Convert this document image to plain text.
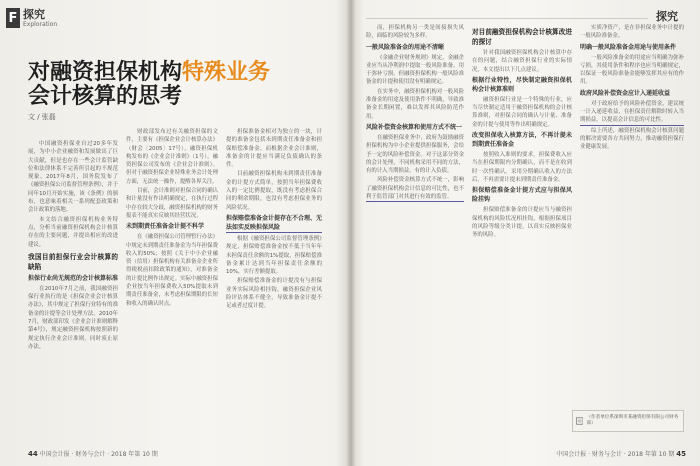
F 探究
Exploration
对融资担保机构特殊业务
会计核算的思考
文 / 张磊

中国融资担保业自过20多年发展，为中小企业融资和发展做出了巨大贡献，但是也存在一些会计监管缺位和法律体系不完善所引起的不规范现象。2017年8月，国务院发布了《融资担保公司监督管理条例》，并于同年10月开始实施，该《条例》的颁布，也意味着相关一系列配套政策和会计政策的落地。

本文结合融资担保机构业务特点，分析当前融资担保机构会计核算存在的主要问题，并提出相应的改进建议。

我国目前担保行业会计核算的缺陷
担保行业尚无规范的会计核算标准

在2010年7月之前，我国融资担保行业执行的是《担保企业会计核算办法》，其中规定了担保行业特有的准备金的计提等会计处理方法。2010年7月，财政部印发《企业会计准则解释第4号》，规定融资担保机构按照新的规定执行企业会计准则，同时废止原办法。

财政部发布过有关融资担保的文件，主要有《担保企业会计核算办法》（财会〔2005〕17号），融资担保机构发布的《企业会计准则》（1号），融资担保公司发布的《企业会计准则》。但对于融资担保企业特殊业务会计处理方面，无法统一操作，提醒各界关注。

目前，会计准则对担保合同的确认和计量没有作出明确规定，在执行过程中存在较大分歧，融资担保机构的财务报表不能真实反映其经营状况。

未到期责任准备金计提不科学

在《融资担保公司管理暂行办法》中规定未到期责任准备金为当年担保费收入的50%；按照《关于中小企业融资（信用）担保机构有关准备金企业所得税税前扣除政策的通知》，对准备金的计提比例作出规定。实际中融资担保企业按当年担保费收入50%提取未到期责任准备金，未考虑担保期限的长短和收入的确认时点。

担保准备金相对为独立的一块，计提的准备金包括未到期责任准备金和担保赔偿准备金，而根据企业会计准则，准备金的计提应当满足负债确认的条件。

目前融资担保机构未到期责任准备金的计提方式简单，按照当年担保费收入的一定比例提取，既没有考虑担保合同的剩余期限，也没有考虑担保业务的风险状况。

担保赔偿准备金计提存在不合理、无法如实反映担保风险

根据《融资担保公司监督管理条例》规定，担保赔偿准备金按不低于当年年末担保责任余额的1%提取，担保赔偿准备金累计达到当年担保责任余额的10%，实行差额提取。

担保赔偿准备金的计提没有与担保业务实际风险相挂钩，融资担保企业风险评估体系不健全，导致准备金计提不足或者过度计提。

44 中国会计报 · 财务与会计 · 2018 年第 10 期
探究

而，担保机构另一类是间接损失风险，面临的风险较为多样。

一般风险准备金的用途不清晰

《金融企业财务规则》规定，金融企业应当从净利润中提取一般风险准备，用于弥补亏损。但融资担保机构一般风险准备金的计提和使用没有明确规定。

在实务中，融资担保机构对一般风险准备金的用途及使用条件不明确，导致准备金长期闲置，难以发挥其风险防范作用。

风险补偿资金核算和使用方式不统一

在融资担保业务中，政府为鼓励融资担保机构为中小企业提供担保服务，会给予一定的风险补偿资金。对于这部分资金的会计处理，不同机构采用不同的方法，有的计入当期损益，有的计入负债。

风险补偿资金核算方式不统一，影响了融资担保机构会计信息的可比性，也不利于监管部门对其进行有效的监管。

对目前融资担保机构会计核算改进的探讨

针对我国融资担保机构会计核算中存在的问题，结合融资担保行业的实际情况，本文提出以下几点建议。

根据行业特性，尽快制定融资担保机构会计核算准则

融资担保行业是一个特殊的行业，应当尽快制定适用于融资担保机构的会计核算准则，对担保合同的确认与计量、准备金的计提与使用等作出明确规定。

改变担保收入核算方法，不再计提未到期责任准备金

按照收入准则的要求，担保费收入应当在担保期限内分期确认，而不是在收到时一次性确认。采用分期确认收入的方法后，不再需要计提未到期责任准备金。

担保赔偿准备金计提方式应与担保风险挂钩

担保赔偿准备金的计提应当与融资担保机构的风险状况相挂钩，根据担保项目的风险等级分类计提，以真实反映担保业务的风险。

实质净资产，是在非担保业务中计提的一般风险准备金。

明确一般风险准备金用途与使用条件

一般风险准备金的用途应当明确为弥补亏损，其使用条件和程序也应当明确规定，以保证一般风险准备金能够发挥其应有的作用。

政府风险补偿资金应计入递延收益

对于政府给予的风险补偿资金，建议统一计入递延收益，在担保责任解除时转入当期损益，以提高会计信息的可比性。

综上所述，融资担保机构会计核算问题的解决需要各方共同努力，推动融资担保行业健康发展。

中国会计报 · 财务与会计 · 2018 年第 10 期 45
（作者单位系深圳市某融资担保有限公司财务部）
